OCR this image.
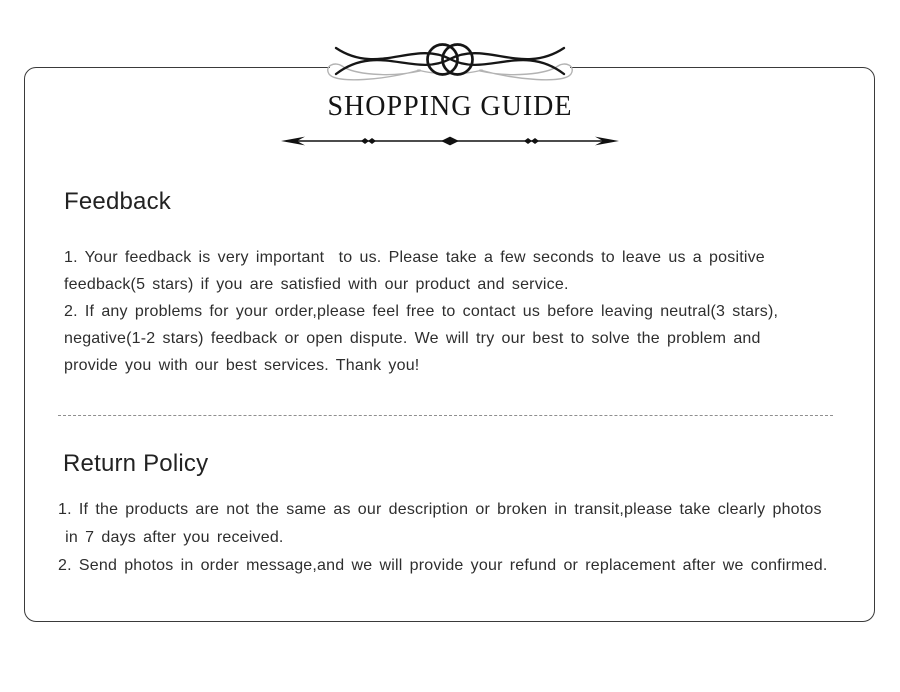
SHOPPING GUIDE
Feedback
1. Your feedback is very important  to us. Please take a few seconds to leave us a positive
feedback(5 stars) if you are satisfied with our product and service.
2. If any problems for your order,please feel free to contact us before leaving neutral(3 stars),
negative(1-2 stars) feedback or open dispute. We will try our best to solve the problem and
provide you with our best services. Thank you!
Return Policy
1. If the products are not the same as our description or broken in transit,please take clearly photos
in 7 days after you received.
2. Send photos in order message,and we will provide your refund or replacement after we confirmed.
